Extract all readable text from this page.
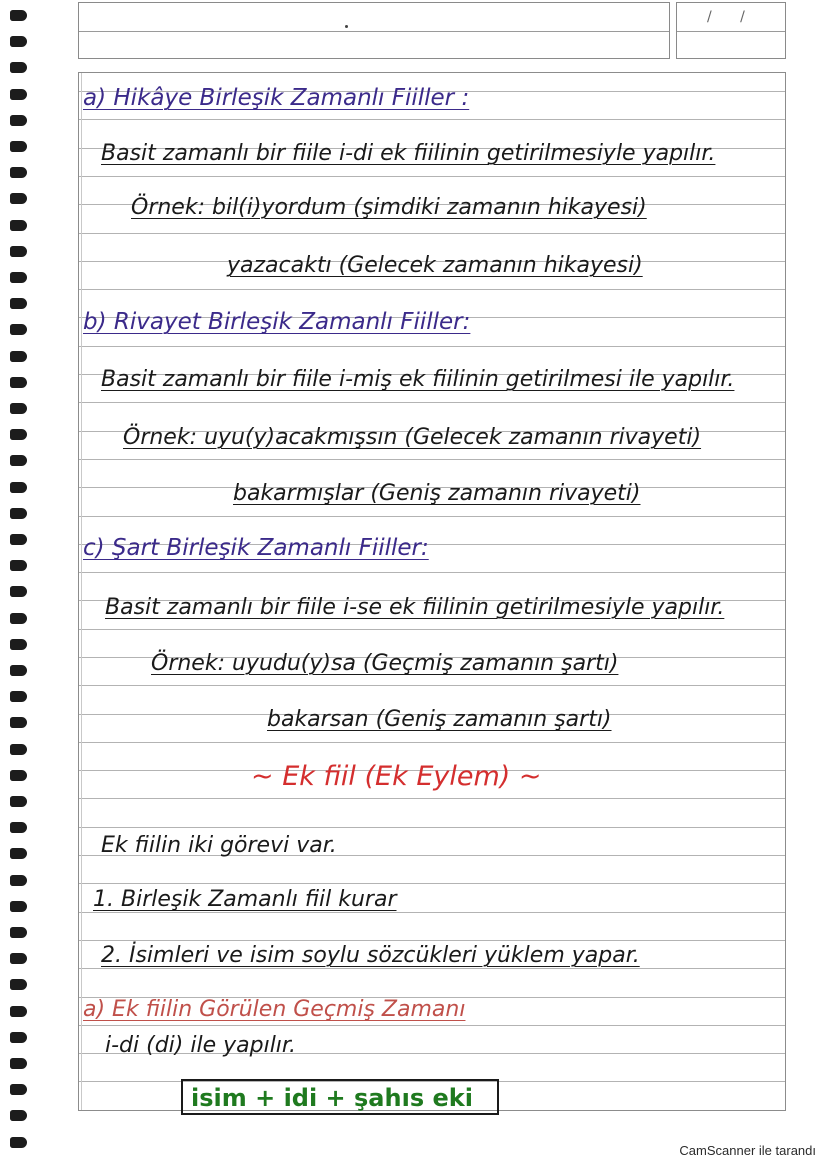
/ /
a) Hikâye Birleşik Zamanlı Fiiller :
Basit zamanlı bir fiile i-di ek fiilinin getirilmesiyle yapılır.
Örnek: bil(i)yordum (şimdiki zamanın hikayesi)
yazacaktı (Gelecek zamanın hikayesi)
b) Rivayet Birleşik Zamanlı Fiiller:
Basit zamanlı bir fiile i-miş ek fiilinin getirilmesi ile yapılır.
Örnek: uyu(y)acakmışsın (Gelecek zamanın rivayeti)
bakarmışlar (Geniş zamanın rivayeti)
c) Şart Birleşik Zamanlı Fiiller:
Basit zamanlı bir fiile i-se ek fiilinin getirilmesiyle yapılır.
Örnek: uyudu(y)sa (Geçmiş zamanın şartı)
bakarsan (Geniş zamanın şartı)
~ Ek fiil (Ek Eylem) ~
Ek fiilin iki görevi var.
1. Birleşik Zamanlı fiil kurar
2. İsimleri ve isim soylu sözcükleri yüklem yapar.
a) Ek fiilin Görülen Geçmiş Zamanı
i-di (di) ile yapılır.
isim + idi + şahıs eki
CamScanner ile tarandı
